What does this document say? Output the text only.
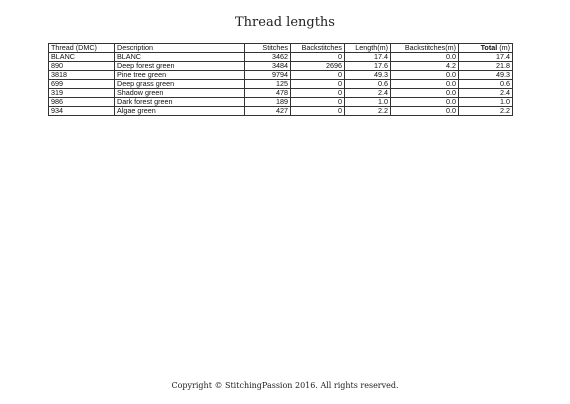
Thread lengths
Thread (DMC)	Description	Stitches	Backstitches	Length(m)	Backstitches(m)	Total (m)
BLANC	BLANC	3462	0	17.4	0.0	17.4
890	Deep forest green	3484	2696	17.6	4.2	21.8
3818	Pine tree green	9794	0	49.3	0.0	49.3
699	Deep grass green	125	0	0.6	0.0	0.6
319	Shadow green	478	0	2.4	0.0	2.4
986	Dark forest green	189	0	1.0	0.0	1.0
934	Algae green	427	0	2.2	0.0	2.2
Copyright © StitchingPassion 2016. All rights reserved.
